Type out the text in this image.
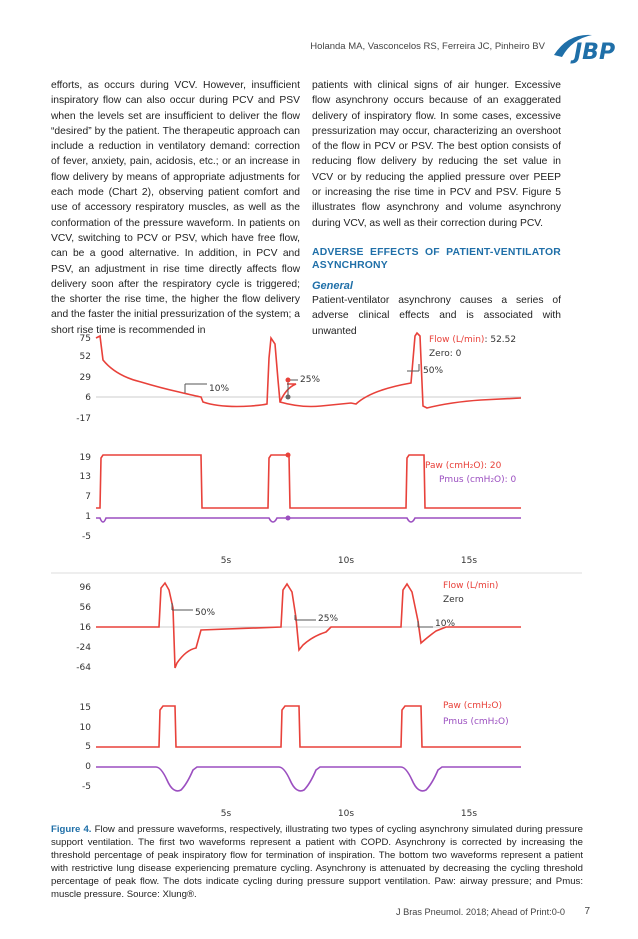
Holanda MA, Vasconcelos RS, Ferreira JC, Pinheiro BV JBP

efforts, as occurs during VCV. However, insufficient inspiratory flow can also occur during PCV and PSV when the levels set are insufficient to deliver the flow “desired” by the patient. The therapeutic approach can include a reduction in ventilatory demand: correction of fever, anxiety, pain, acidosis, etc.; or an increase in flow delivery by means of appropriate adjustments for each mode (Chart 2), observing patient comfort and use of accessory respiratory muscles, as well as the conformation of the pressure waveform. In patients on VCV, switching to PCV or PSV, which have free flow, can be a good alternative. In addition, in PCV and PSV, an adjustment in rise time directly affects flow delivery soon after the respiratory cycle is triggered; the shorter the rise time, the higher the flow delivery and the faster the initial pressurization of the system; a short rise time is recommended in

patients with clinical signs of air hunger. Excessive flow asynchrony occurs because of an exaggerated delivery of inspiratory flow. In some cases, excessive pressurization may occur, characterizing an overshoot of the flow in PCV or PSV. The best option consists of reducing flow delivery by reducing the set value in VCV or by reducing the applied pressure over PEEP or increasing the rise time in PCV and PSV. Figure 5 illustrates flow asynchrony and volume asynchrony during VCV, as well as their correction during PCV.

ADVERSE EFFECTS OF PATIENT-VENTILATOR ASYNCHRONY

General

Patient-ventilator asynchrony causes a series of adverse clinical effects and is associated with unwanted

75
52
29
6
-17
10%
25%
50%
Flow (L/min): 52.52
Zero: 0
19
13
7
1
-5
Paw (cmH₂O): 20
Pmus (cmH₂O): 0
5s	10s	15s
96
56
16
-24
-64
50%
25%	10%
Flow (L/min)
Zero
15
10
5
0
-5
Paw (cmH₂O)
Pmus (cmH₂O)
5s	10s	15s
Figure 4. Flow and pressure waveforms, respectively, illustrating two types of cycling asynchrony simulated during pressure support ventilation. The first two waveforms represent a patient with COPD. Asynchrony is corrected by increasing the threshold percentage of peak inspiratory flow for termination of inspiration. The bottom two waveforms represent a patient with restrictive lung disease experiencing premature cycling. Asynchrony is attenuated by decreasing the cycling threshold percentage of peak flow. The dots indicate cycling during pressure support ventilation. Paw: airway pressure; and Pmus: muscle pressure. Source: Xlung®.
J Bras Pneumol. 2018; Ahead of Print:0-0 7
